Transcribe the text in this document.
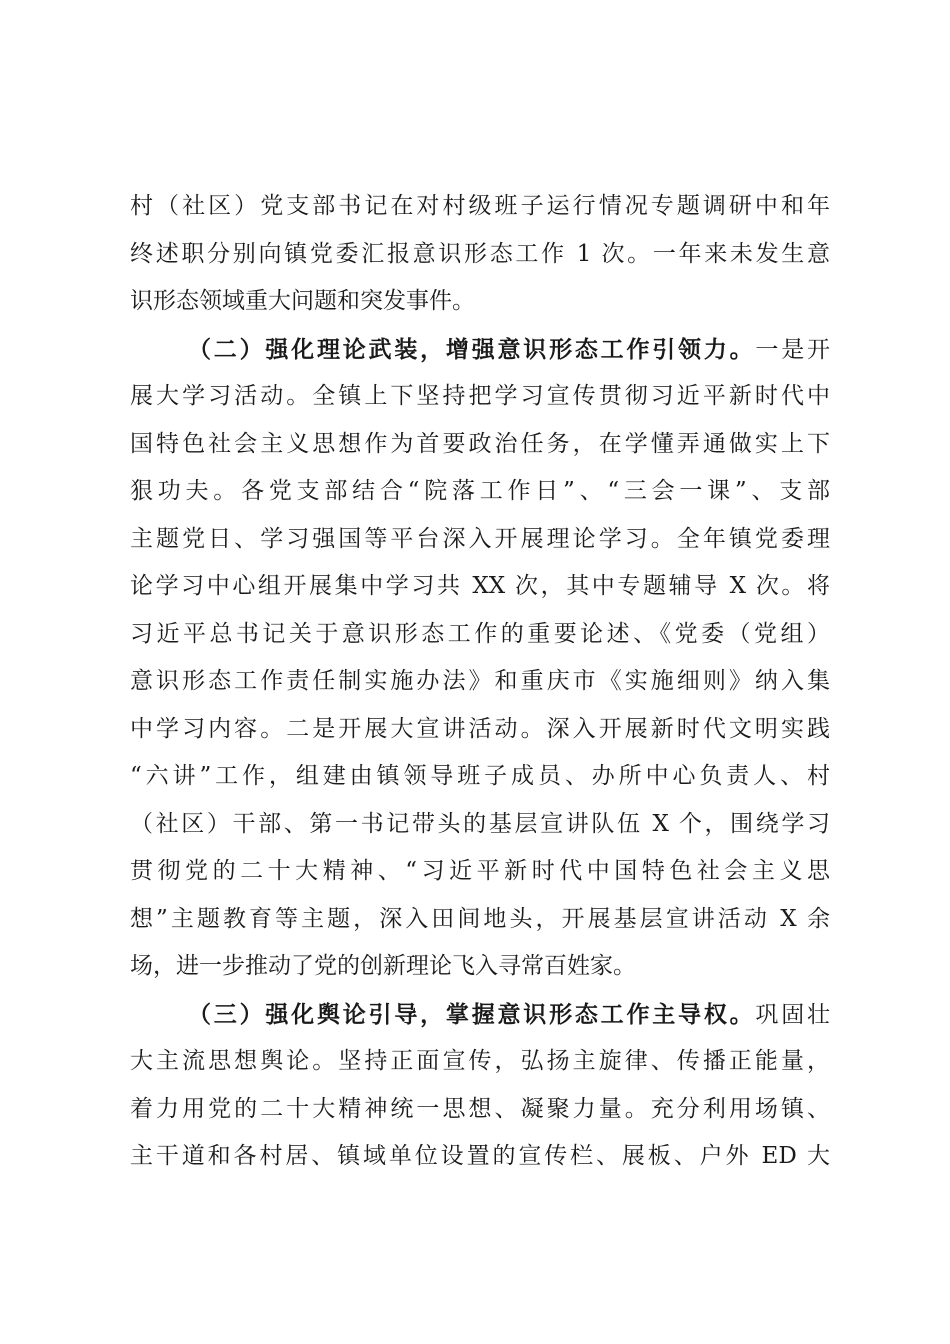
村（社区）党支部书记在对村级班子运行情况专题调研中和年
终述职分别向镇党委汇报意识形态工作 1 次。一年来未发生意
识形态领域重大问题和突发事件。
（二）强化理论武装，增强意识形态工作引领力。一是开
展大学习活动。全镇上下坚持把学习宣传贯彻习近平新时代中
国特色社会主义思想作为首要政治任务，在学懂弄通做实上下
狠功夫。各党支部结合“院落工作日”、“三会一课”、支部
主题党日、学习强国等平台深入开展理论学习。全年镇党委理
论学习中心组开展集中学习共 XX 次，其中专题辅导 X 次。将
习近平总书记关于意识形态工作的重要论述、《党委（党组）
意识形态工作责任制实施办法》和重庆市《实施细则》纳入集
中学习内容。二是开展大宣讲活动。深入开展新时代文明实践
“六讲”工作，组建由镇领导班子成员、办所中心负责人、村
（社区）干部、第一书记带头的基层宣讲队伍 X 个，围绕学习
贯彻党的二十大精神、“习近平新时代中国特色社会主义思
想”主题教育等主题，深入田间地头，开展基层宣讲活动 X 余
场，进一步推动了党的创新理论飞入寻常百姓家。
（三）强化舆论引导，掌握意识形态工作主导权。巩固壮
大主流思想舆论。坚持正面宣传，弘扬主旋律、传播正能量，
着力用党的二十大精神统一思想、凝聚力量。充分利用场镇、
主干道和各村居、镇域单位设置的宣传栏、展板、户外 ED 大
